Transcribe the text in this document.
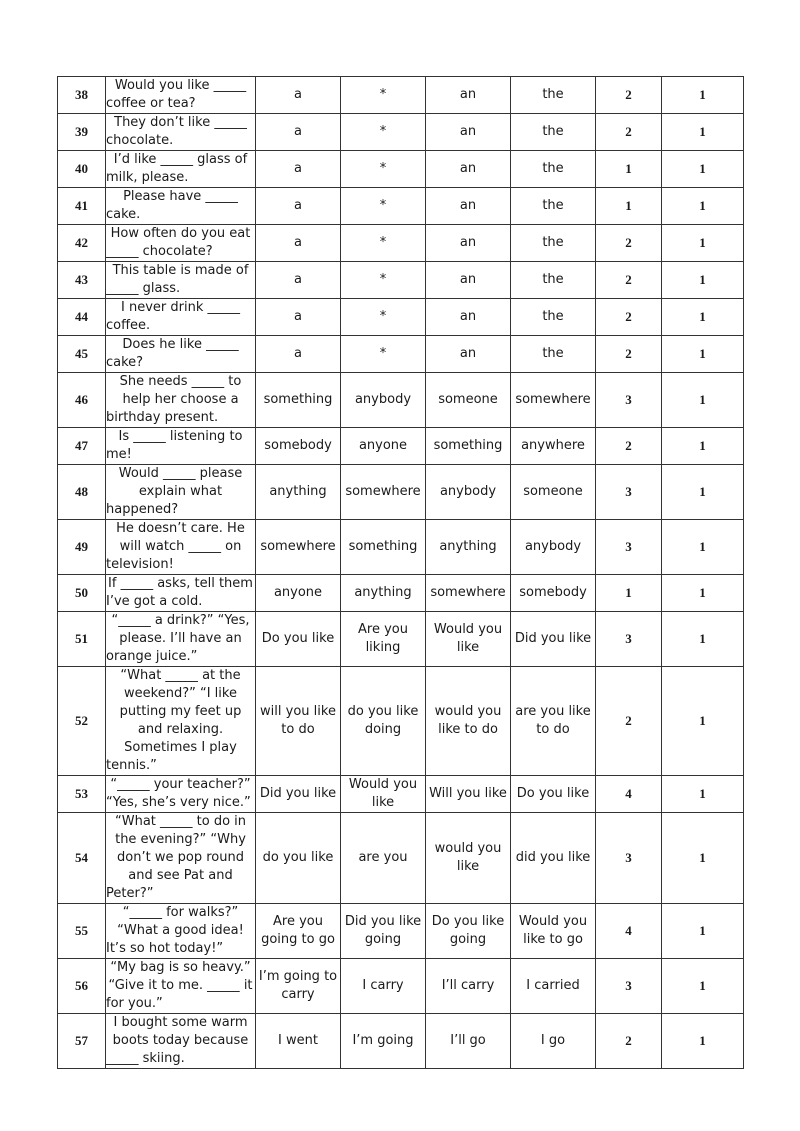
38	Would you like _____ coffee or tea?	a	*	an	the	2	1
39	They don’t like _____ chocolate.	a	*	an	the	2	1
40	I’d like _____ glass of milk, please.	a	*	an	the	1	1
41	Please have _____ cake.	a	*	an	the	1	1
42	How often do you eat _____ chocolate?	a	*	an	the	2	1
43	This table is made of _____ glass.	a	*	an	the	2	1
44	I never drink _____ coffee.	a	*	an	the	2	1
45	Does he like _____ cake?	a	*	an	the	2	1
46	She needs _____ to help her choose a birthday present.	something	anybody	someone	somewhere	3	1
47	Is _____ listening to me!	somebody	anyone	something	anywhere	2	1
48	Would _____ please explain what happened?	anything	somewhere	anybody	someone	3	1
49	He doesn’t care. He will watch _____ on television!	somewhere	something	anything	anybody	3	1
50	If _____ asks, tell them I’ve got a cold.	anyone	anything	somewhere	somebody	1	1
51	“_____ a drink?” “Yes, please. I’ll have an orange juice.”	Do you like	Are you liking	Would you like	Did you like	3	1
52	“What _____ at the weekend?” “I like putting my feet up and relaxing. Sometimes I play tennis.”	will you like to do	do you like doing	would you like to do	are you like to do	2	1
53	“_____ your teacher?” “Yes, she’s very nice.”	Did you like	Would you like	Will you like	Do you like	4	1
54	“What _____ to do in the evening?” “Why don’t we pop round and see Pat and Peter?”	do you like	are you	would you like	did you like	3	1
55	“_____ for walks?” “What a good idea! It’s so hot today!”	Are you going to go	Did you like going	Do you like going	Would you like to go	4	1
56	“My bag is so heavy.” “Give it to me. _____ it for you.”	I’m going to carry	I carry	I’ll carry	I carried	3	1
57	I bought some warm boots today because _____ skiing.	I went	I’m going	I’ll go	I go	2	1
